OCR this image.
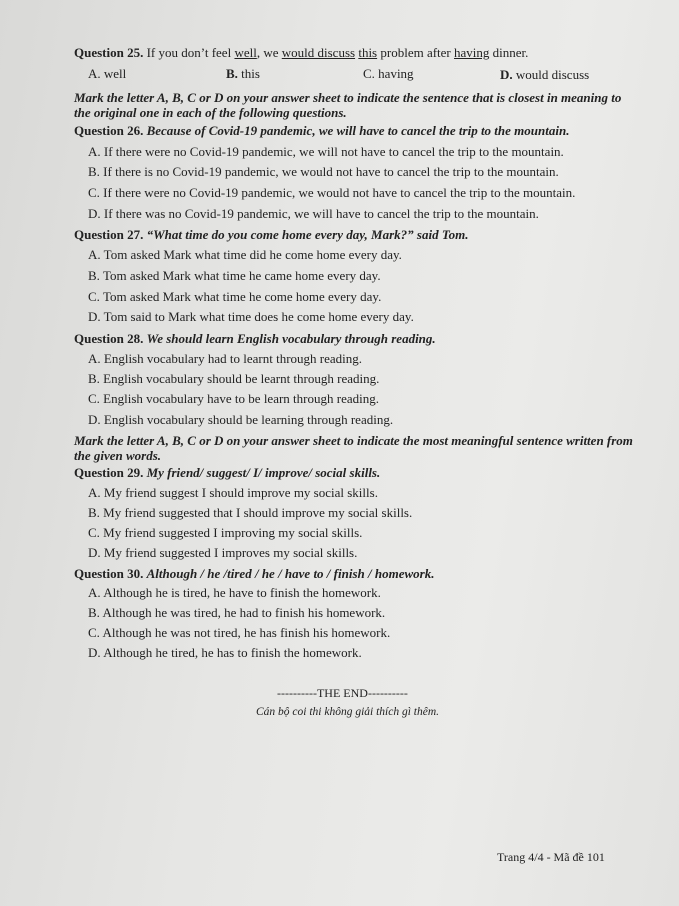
Question 25. If you don’t feel well, we would discuss this problem after having dinner.
A. well	B. this	C. having	D. would discuss
Mark the letter A, B, C or D on your answer sheet to indicate the sentence that is closest in meaning to the original one in each of the following questions.
Question 26. Because of Covid-19 pandemic, we will have to cancel the trip to the mountain.
A. If there were no Covid-19 pandemic, we will not have to cancel the trip to the mountain.
B. If there is no Covid-19 pandemic, we would not have to cancel the trip to the mountain.
C. If there were no Covid-19 pandemic, we would not have to cancel the trip to the mountain.
D. If there was no Covid-19 pandemic, we will have to cancel the trip to the mountain.
Question 27. “What time do you come home every day, Mark?” said Tom.
A. Tom asked Mark what time did he come home every day.
B. Tom asked Mark what time he came home every day.
C. Tom asked Mark what time he come home every day.
D. Tom said to Mark what time does he come home every day.
Question 28. We should learn English vocabulary through reading.
A. English vocabulary had to learnt through reading.
B. English vocabulary should be learnt through reading.
C. English vocabulary have to be learn through reading.
D. English vocabulary should be learning through reading.
Mark the letter A, B, C or D on your answer sheet to indicate the most meaningful sentence written from the given words.
Question 29. My friend/ suggest/ I/ improve/ social skills.
A. My friend suggest I should improve my social skills.
B. My friend suggested that I should improve my social skills.
C. My friend suggested I improving my social skills.
D. My friend suggested I improves my social skills.
Question 30. Although / he /tired / he / have to / finish / homework.
A. Although he is tired, he have to finish the homework.
B. Although he was tired, he had to finish his homework.
C. Although he was not tired, he has finish his homework.
D. Although he tired, he has to finish the homework.
----------THE END----------
Cán bộ coi thi không giải thích gì thêm.
Trang 4/4 - Mã đề 101
